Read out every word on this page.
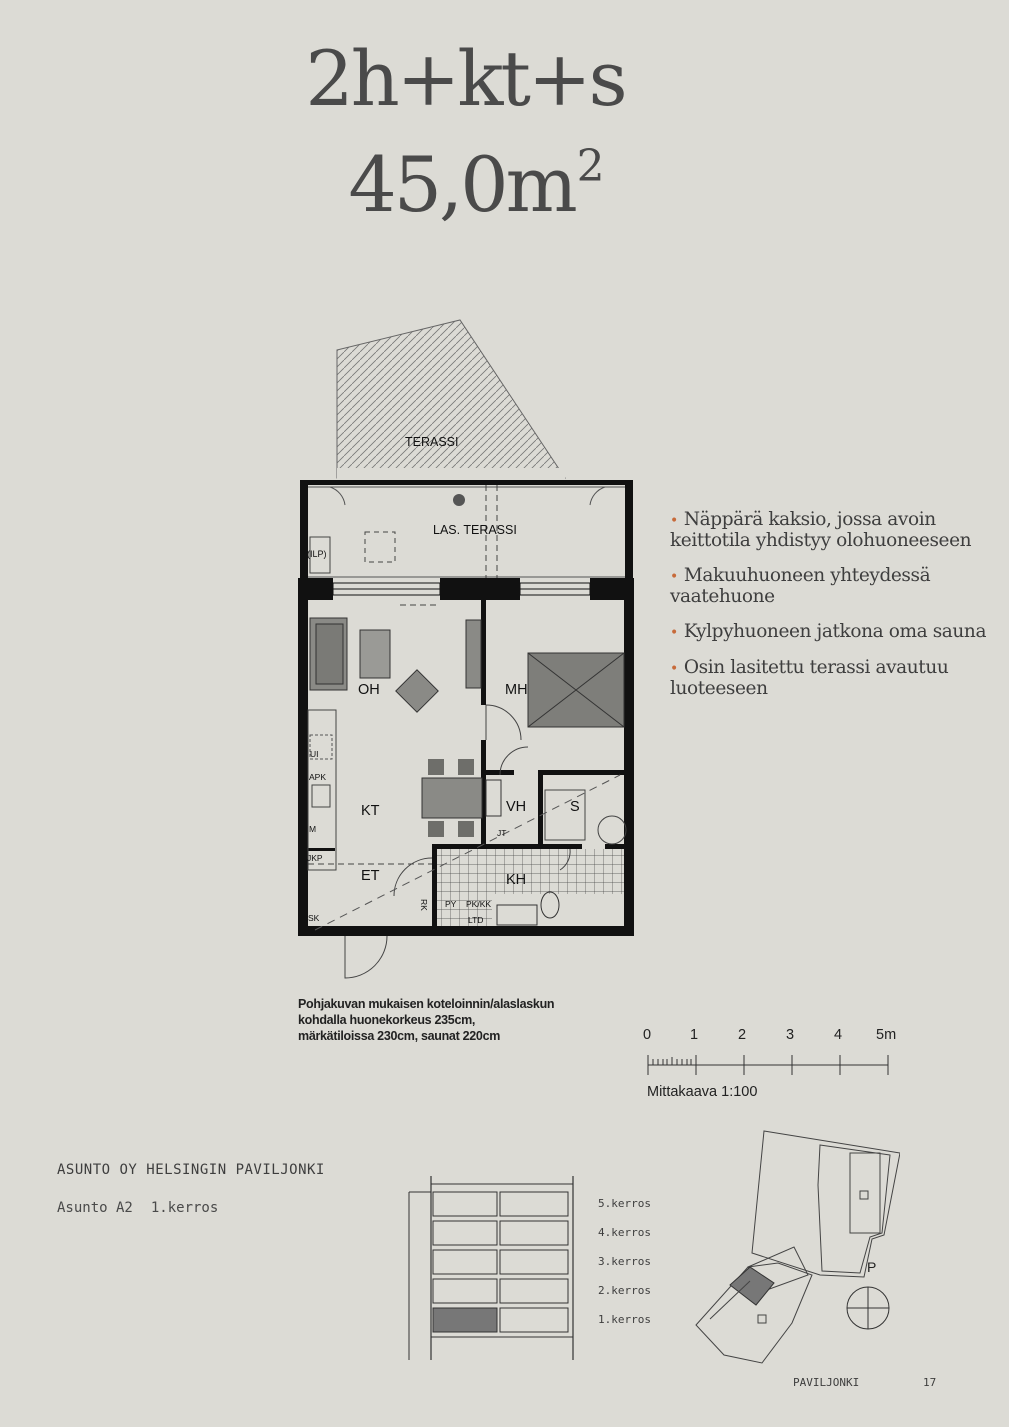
2h+kt+s
$45,0m^2$
• Näppärä kaksio, jossa avoin keittotila yhdistyy olohuoneeseen
• Makuuhuoneen yhteydessä vaatehuone
• Kylpyhuoneen jatkona oma sauna
• Osin lasitettu terassi avautuu luoteeseen
TERASSI
LAS. TERASSI
(ILP)
OH	MH
KT	VH	S
ET	KH
UI
APK
M
JKP
SK
JT
RK PY PK/KK
LTD
Pohjakuvan mukaisen koteloinnin/alaslaskun
kohdalla huonekorkeus 235cm,
märkätiloissa 230cm, saunat 220cm	0	1	2	3	4 5m
Mittakaava 1:100
ASUNTO OY HELSINGIN PAVILJONKI
Asunto A2 1.kerros	5.kerros
4.kerros
3.kerros
2.kerros
1.kerros
P
PAVILJONKI	17
